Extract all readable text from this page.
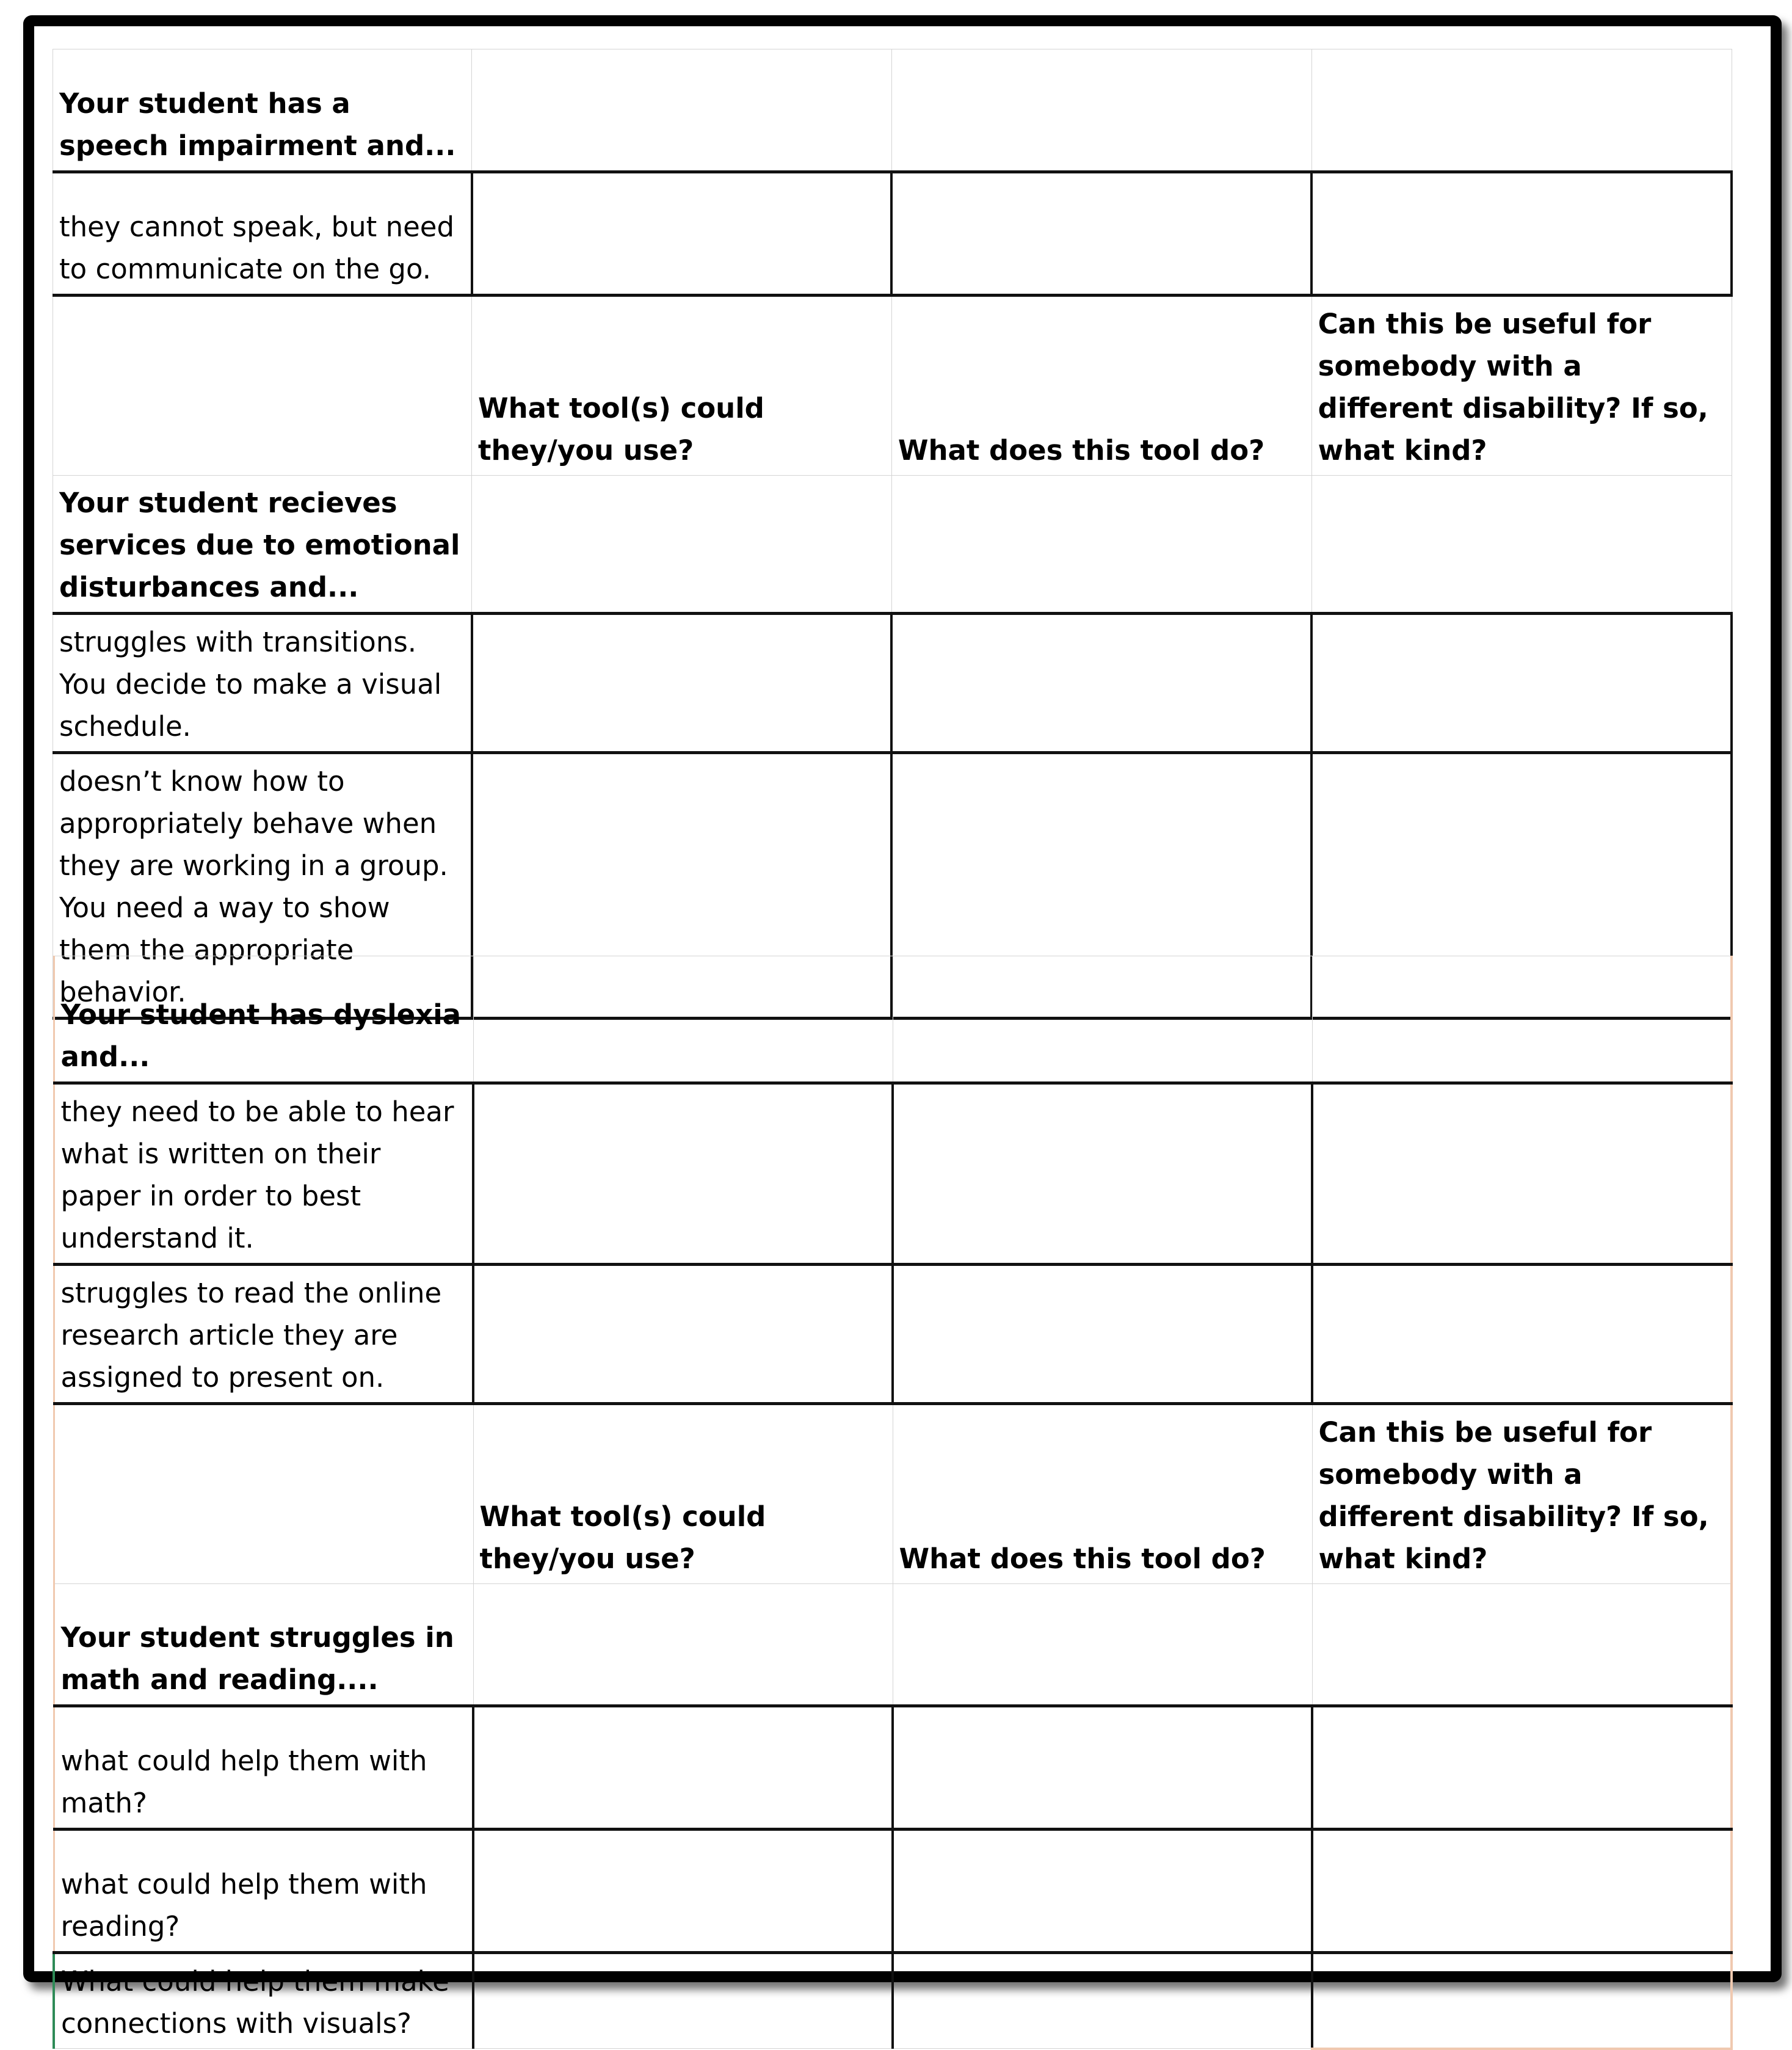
Your student has a speech impairment and...			
they cannot speak, but need to communicate on the go.			
	What tool(s) could they/you use?	What does this tool do?	Can this be useful for somebody with a different disability? If so, what kind?
Your student recieves services due to emotional disturbances and...			
struggles with transitions. You decide to make a visual schedule.			
doesn’t know how to appropriately behave when they are working in a group. You need a way to show them the appropriate behavior.			
Your student has dyslexia and...			
they need to be able to hear what is written on their paper in order to best understand it.			
struggles to read the online research article they are assigned to present on.			
	What tool(s) could they/you use?	What does this tool do?	Can this be useful for somebody with a different disability? If so, what kind?
Your student struggles in math and reading....			
what could help them with math?			
what could help them with reading?			
What could help them make connections with visuals?			
